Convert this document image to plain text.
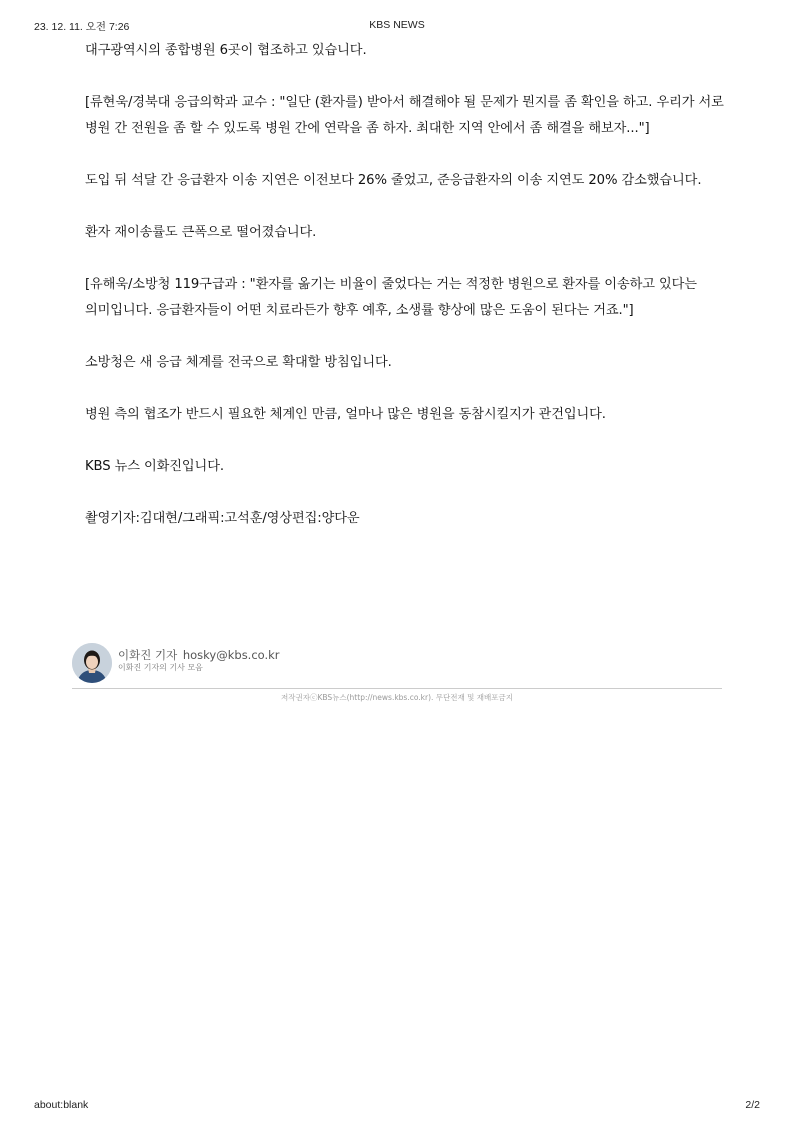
23. 12. 11. 오전 7:26	KBS NEWS

대구광역시의 종합병원 6곳이 협조하고 있습니다.

[류현욱/경북대 응급의학과 교수 : "일단 (환자를) 받아서 해결해야 될 문제가 뭔지를 좀 확인을 하고. 우리가 서로 병원 간 전원을 좀 할 수 있도록 병원 간에 연락을 좀 하자. 최대한 지역 안에서 좀 해결을 해보자..."]

도입 뒤 석달 간 응급환자 이송 지연은 이전보다 26% 줄었고, 준응급환자의 이송 지연도 20% 감소했습니다.

환자 재이송률도 큰폭으로 떨어졌습니다.

[유해욱/소방청 119구급과 : "환자를 옮기는 비율이 줄었다는 거는 적정한 병원으로 환자를 이송하고 있다는 의미입니다. 응급환자들이 어떤 치료라든가 향후 예후, 소생률 향상에 많은 도움이 된다는 거죠."]

소방청은 새 응급 체계를 전국으로 확대할 방침입니다.

병원 측의 협조가 반드시 필요한 체계인 만큼, 얼마나 많은 병원을 동참시킬지가 관건입니다.

KBS 뉴스 이화진입니다.

촬영기자:김대현/그래픽:고석훈/영상편집:양다운

이화진 기자 hosky@kbs.co.kr
이화진 기자의 기사 모음
저작권자ⓒKBS뉴스(http://news.kbs.co.kr). 무단전재 및 재배포금지
about:blank	2/2
